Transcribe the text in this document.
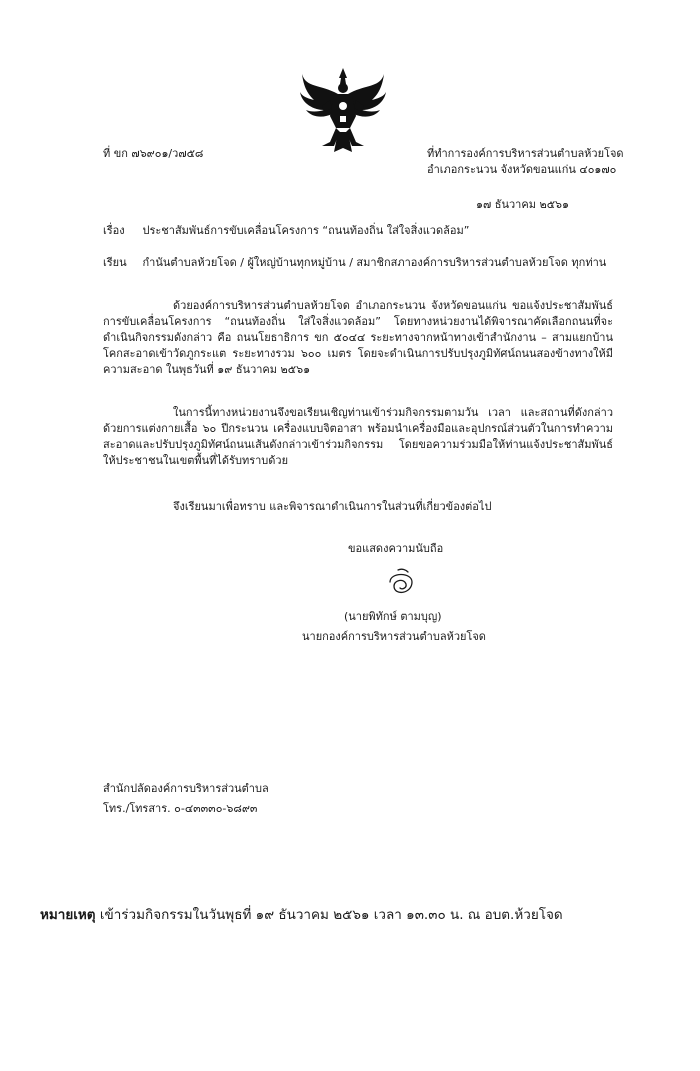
ที่ ขก ๗๖๙๐๑/ว๗๕๘	ที่ทำการองค์การบริหารส่วนตำบลห้วยโจด
อำเภอกระนวน จังหวัดขอนแก่น ๔๐๑๗๐
๑๗ ธันวาคม ๒๕๖๑
เรื่อง ประชาสัมพันธ์การขับเคลื่อนโครงการ “ถนนท้องถิ่น ใส่ใจสิ่งแวดล้อม”
เรียน กำนันตำบลห้วยโจด / ผู้ใหญ่บ้านทุกหมู่บ้าน / สมาชิกสภาองค์การบริหารส่วนตำบลห้วยโจด ทุกท่าน
ด้วยองค์การบริหารส่วนตำบลห้วยโจด อำเภอกระนวน จังหวัดขอนแก่น ขอแจ้งประชาสัมพันธ์การขับเคลื่อนโครงการ “ถนนท้องถิ่น ใส่ใจสิ่งแวดล้อม” โดยทางหน่วยงานได้พิจารณาคัดเลือกถนนที่จะดำเนินกิจกรรมดังกล่าว คือ ถนนโยธาธิการ ขก ๕๐๔๔ ระยะทางจากหน้าทางเข้าสำนักงาน – สามแยกบ้านโคกสะอาดเข้าวัดภูกระแต ระยะทางรวม ๖๐๐ เมตร โดยจะดำเนินการปรับปรุงภูมิทัศน์ถนนสองข้างทางให้มีความสะอาด ในพุธวันที่ ๑๙ ธันวาคม ๒๕๖๑
ในการนี้ทางหน่วยงานจึงขอเรียนเชิญท่านเข้าร่วมกิจกรรมตามวัน เวลา และสถานที่ดังกล่าวด้วยการแต่งกายเสื้อ ๖๐ ปีกระนวน เครื่องแบบจิตอาสา พร้อมนำเครื่องมือและอุปกรณ์ส่วนตัวในการทำความสะอาดและปรับปรุงภูมิทัศน์ถนนเส้นดังกล่าวเข้าร่วมกิจกรรม โดยขอความร่วมมือให้ท่านแจ้งประชาสัมพันธ์ให้ประชาชนในเขตพื้นที่ได้รับทราบด้วย
จึงเรียนมาเพื่อทราบ และพิจารณาดำเนินการในส่วนที่เกี่ยวข้องต่อไป
ขอแสดงความนับถือ
(นายพิทักษ์ ตามบุญ)
นายกองค์การบริหารส่วนตำบลห้วยโจด
สำนักปลัดองค์การบริหารส่วนตำบล
โทร./โทรสาร. ๐-๔๓๓๓๐-๖๘๙๓
หมายเหตุ เข้าร่วมกิจกรรมในวันพุธที่ ๑๙ ธันวาคม ๒๕๖๑ เวลา ๑๓.๓๐ น. ณ อบต.ห้วยโจด
